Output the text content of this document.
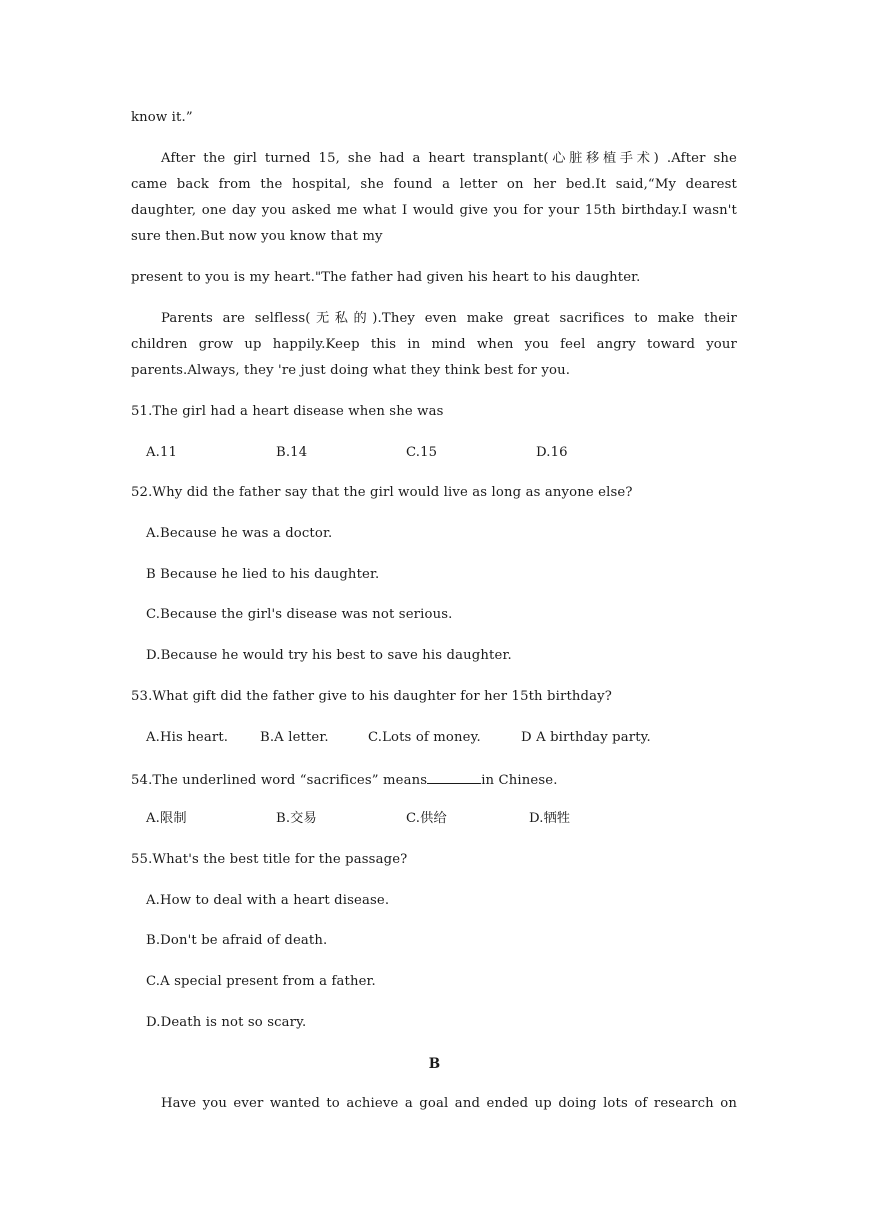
know it.”
After the girl turned 15, she had a heart transplant(心脏移植手术) .After she
came back from the hospital, she found a letter on her bed.It said,“My dearest
daughter, one day you asked me what I would give you for your 15th birthday.I wasn't
sure then.But now you know that my
present to you is my heart."The father had given his heart to his daughter.
Parents are selfless(无私的).They even make great sacrifices to make their
children grow up happily.Keep this in mind when you feel angry toward your
parents.Always, they 're just doing what they think best for you.
51.The girl had a heart disease when she was
A.11	B.14	C.15	D.16
52.Why did the father say that the girl would live as long as anyone else?
A.Because he was a doctor.
B Because he lied to his daughter.
C.Because the girl's disease was not serious.
D.Because he would try his best to save his daughter.
53.What gift did the father give to his daughter for her 15th birthday?
A.His heart. B.A letter.	C.Lots of money.	D A birthday party.
54.The underlined word “sacrifices” means	in Chinese.
A.限制	B.交易	C.供给	D.牺牲
55.What's the best title for the passage?
A.How to deal with a heart disease.
B.Don't be afraid of death.
C.A special present from a father.
D.Death is not so scary.
B
Have you ever wanted to achieve a goal and ended up doing lots of research on
